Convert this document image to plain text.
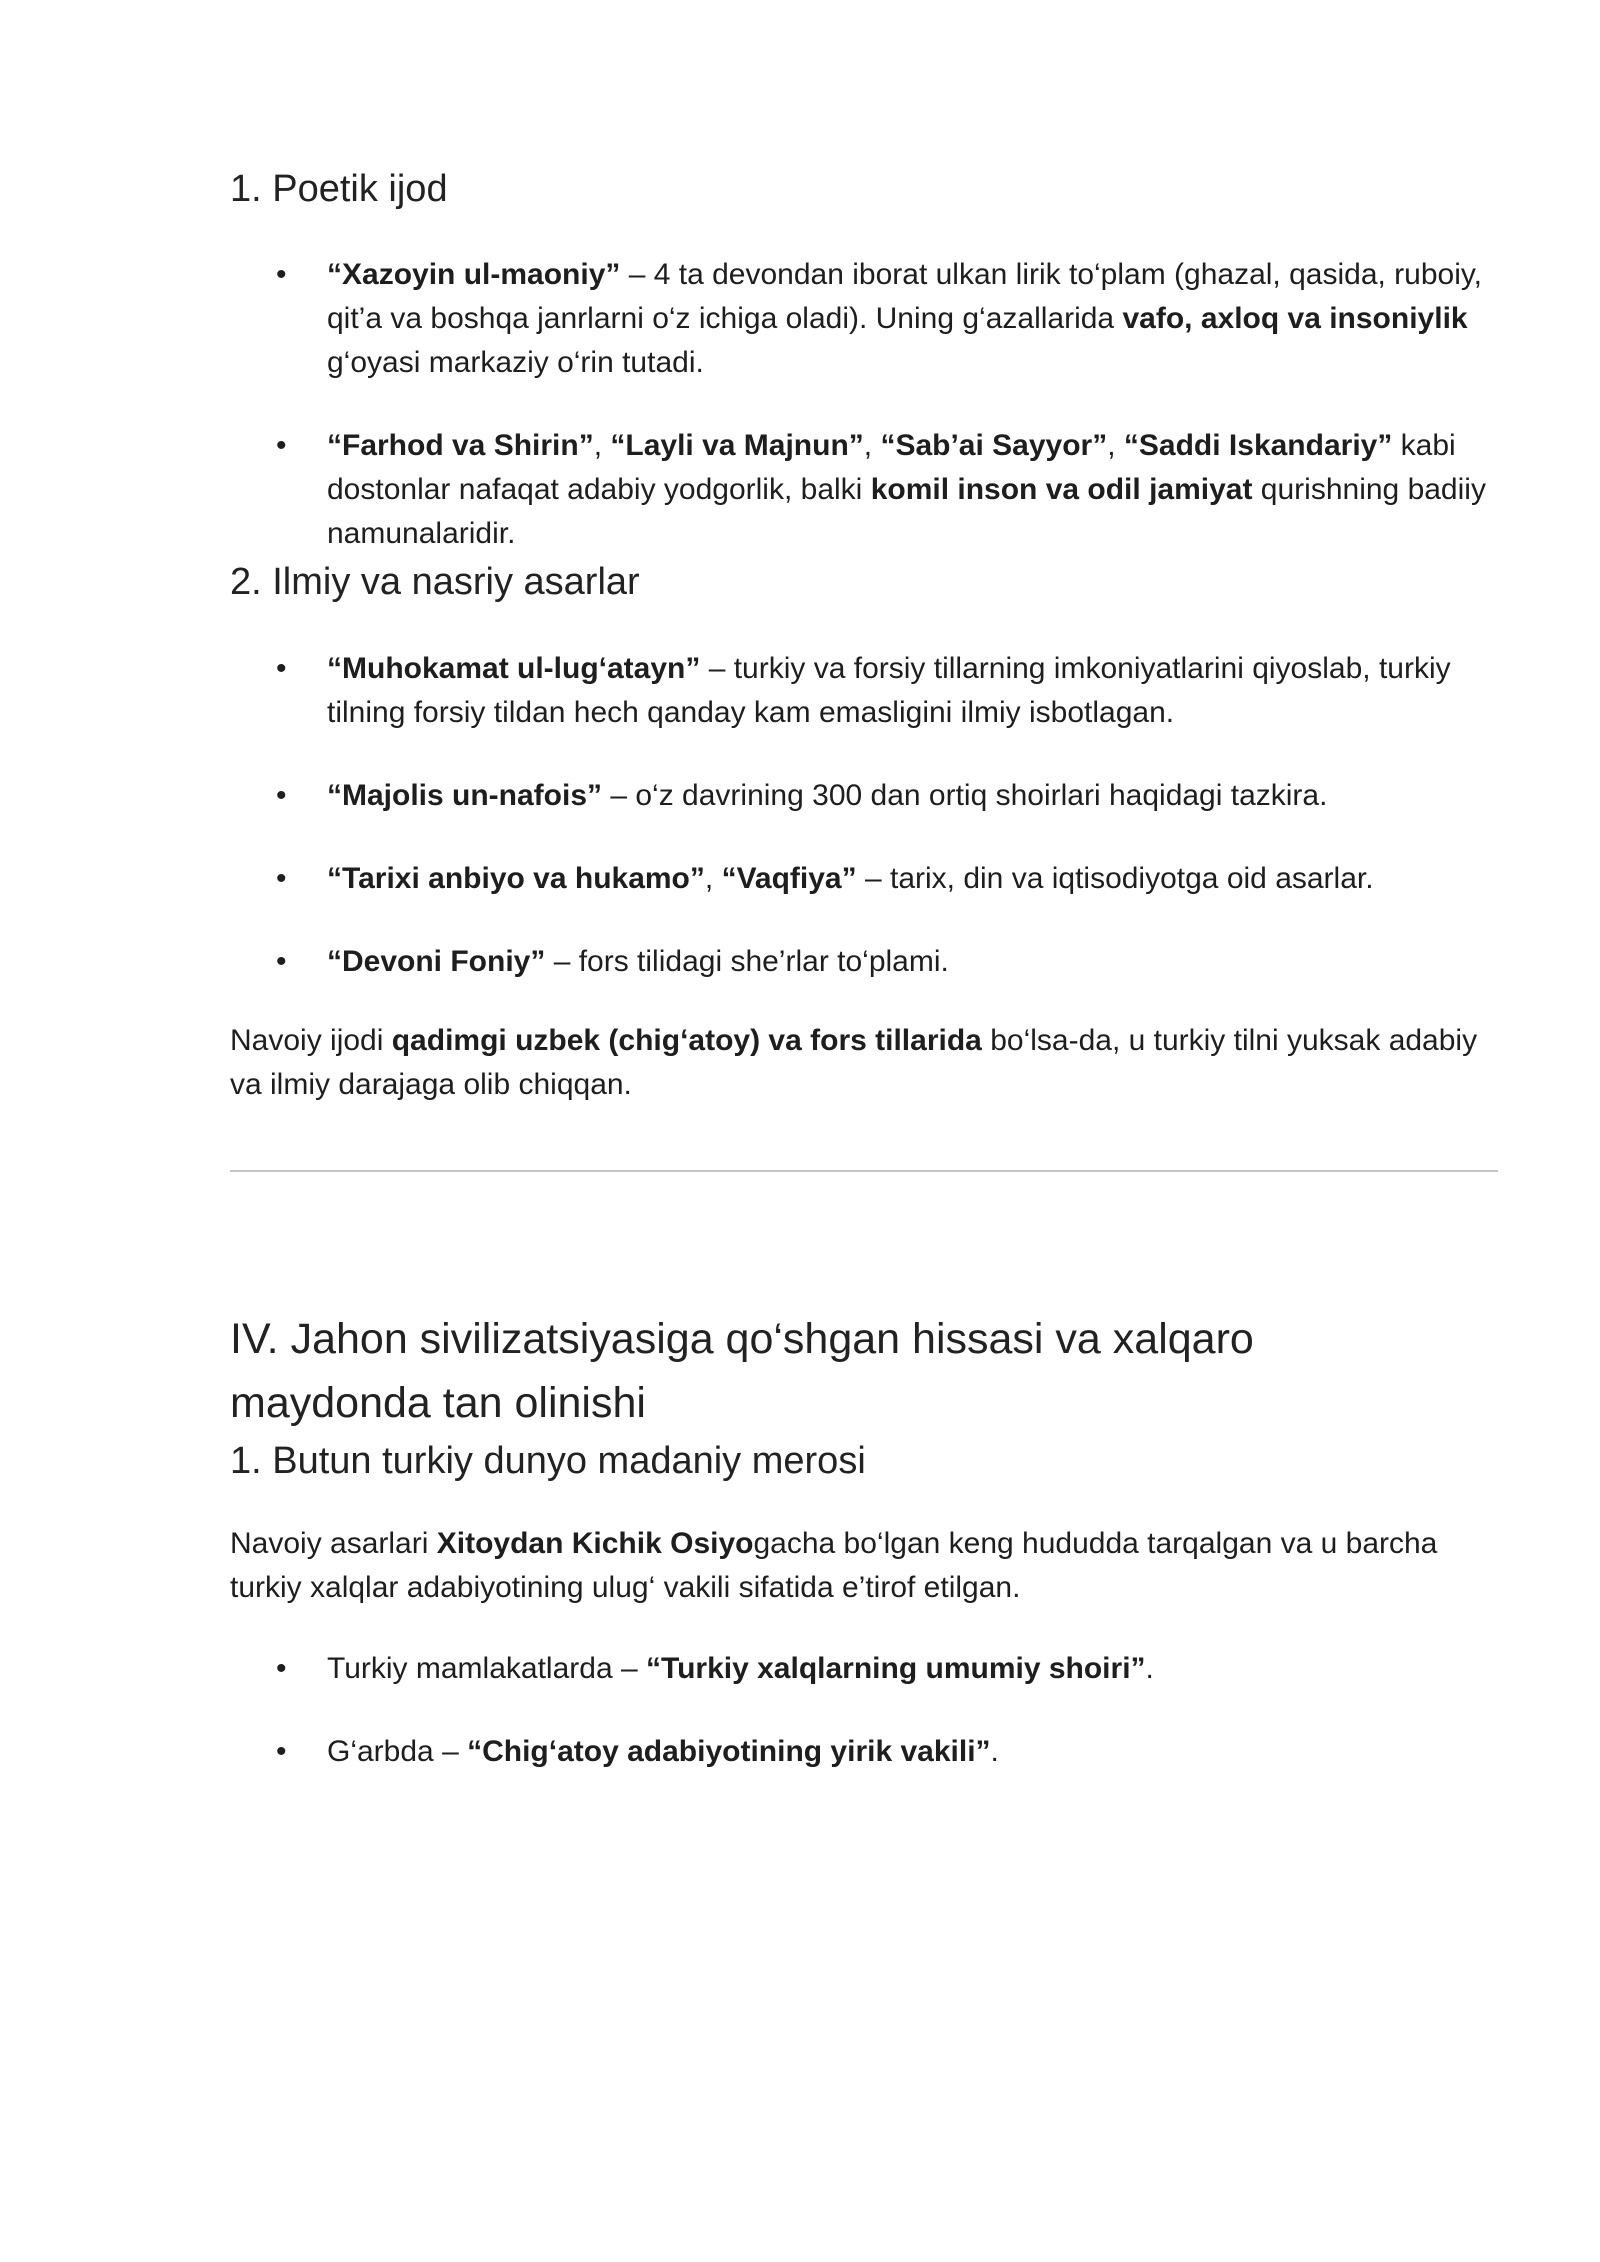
1. Poetik ijod
• “Xazoyin ul-maoniy” – 4 ta devondan iborat ulkan lirik to‘plam (ghazal, qasida, ruboiy, qit’a va boshqa janrlarni o‘z ichiga oladi). Uning g‘azallarida vafo, axloq va insoniylik g‘oyasi markaziy o‘rin tutadi.
• “Farhod va Shirin”, “Layli va Majnun”, “Sab’ai Sayyor”, “Saddi Iskandariy” kabi dostonlar nafaqat adabiy yodgorlik, balki komil inson va odil jamiyat qurishning badiiy namunalaridir.
2. Ilmiy va nasriy asarlar
• “Muhokamat ul-lug‘atayn” – turkiy va forsiy tillarning imkoniyatlarini qiyoslab, turkiy tilning forsiy tildan hech qanday kam emasligini ilmiy isbotlagan.
• “Majolis un-nafois” – o‘z davrining 300 dan ortiq shoirlari haqidagi tazkira.
• “Tarixi anbiyo va hukamo”, “Vaqfiya” – tarix, din va iqtisodiyotga oid asarlar.
• “Devoni Foniy” – fors tilidagi she’rlar to‘plami.

Navoiy ijodi qadimgi uzbek (chig‘atoy) va fors tillarida bo‘lsa-da, u turkiy tilni yuksak adabiy va ilmiy darajaga olib chiqqan.

IV. Jahon sivilizatsiyasiga qo‘shgan hissasi va xalqaro maydonda tan olinishi
1. Butun turkiy dunyo madaniy merosi

Navoiy asarlari Xitoydan Kichik Osiyogacha bo‘lgan keng hududda tarqalgan va u barcha turkiy xalqlar adabiyotining ulug‘ vakili sifatida e’tirof etilgan.

• Turkiy mamlakatlarda – “Turkiy xalqlarning umumiy shoiri”.
• G‘arbda – “Chig‘atoy adabiyotining yirik vakili”.
